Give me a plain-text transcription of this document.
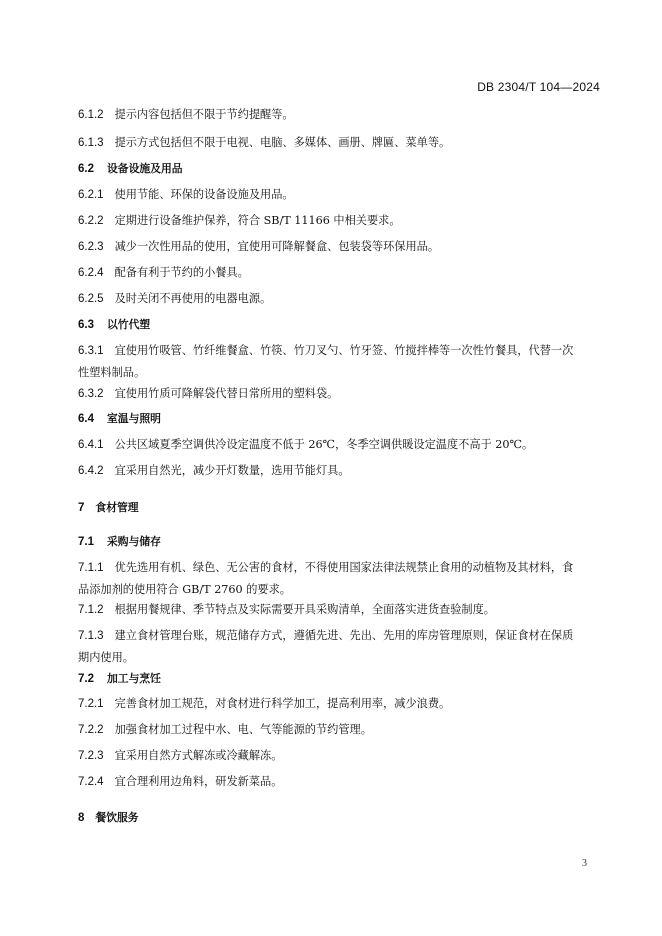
DB 2304/T 104—2024
6.1.2 提示内容包括但不限于节约提醒等。
6.1.3 提示方式包括但不限于电视、电脑、多媒体、画册、牌匾、菜单等。
6.2 设备设施及用品
6.2.1 使用节能、环保的设备设施及用品。
6.2.2 定期进行设备维护保养，符合 SB/T 11166 中相关要求。
6.2.3 减少一次性用品的使用，宜使用可降解餐盒、包装袋等环保用品。
6.2.4 配备有利于节约的小餐具。
6.2.5 及时关闭不再使用的电器电源。
6.3 以竹代塑
6.3.1 宜使用竹吸管、竹纤维餐盒、竹筷、竹刀叉勺、竹牙签、竹搅拌棒等一次性竹餐具，代替一次
性塑料制品。
6.3.2 宜使用竹质可降解袋代替日常所用的塑料袋。
6.4 室温与照明
6.4.1 公共区域夏季空调供冷设定温度不低于 26℃，冬季空调供暖设定温度不高于 20℃。
6.4.2 宜采用自然光，减少开灯数量，选用节能灯具。
7 食材管理
7.1 采购与储存
7.1.1 优先选用有机、绿色、无公害的食材，不得使用国家法律法规禁止食用的动植物及其材料，食
品添加剂的使用符合 GB/T 2760 的要求。
7.1.2 根据用餐规律、季节特点及实际需要开具采购清单，全面落实进货查验制度。
7.1.3 建立食材管理台账，规范储存方式，遵循先进、先出、先用的库房管理原则，保证食材在保质
期内使用。
7.2 加工与烹饪
7.2.1 完善食材加工规范，对食材进行科学加工，提高利用率，减少浪费。
7.2.2 加强食材加工过程中水、电、气等能源的节约管理。
7.2.3 宜采用自然方式解冻或冷藏解冻。
7.2.4 宜合理利用边角料，研发新菜品。
8 餐饮服务
3
